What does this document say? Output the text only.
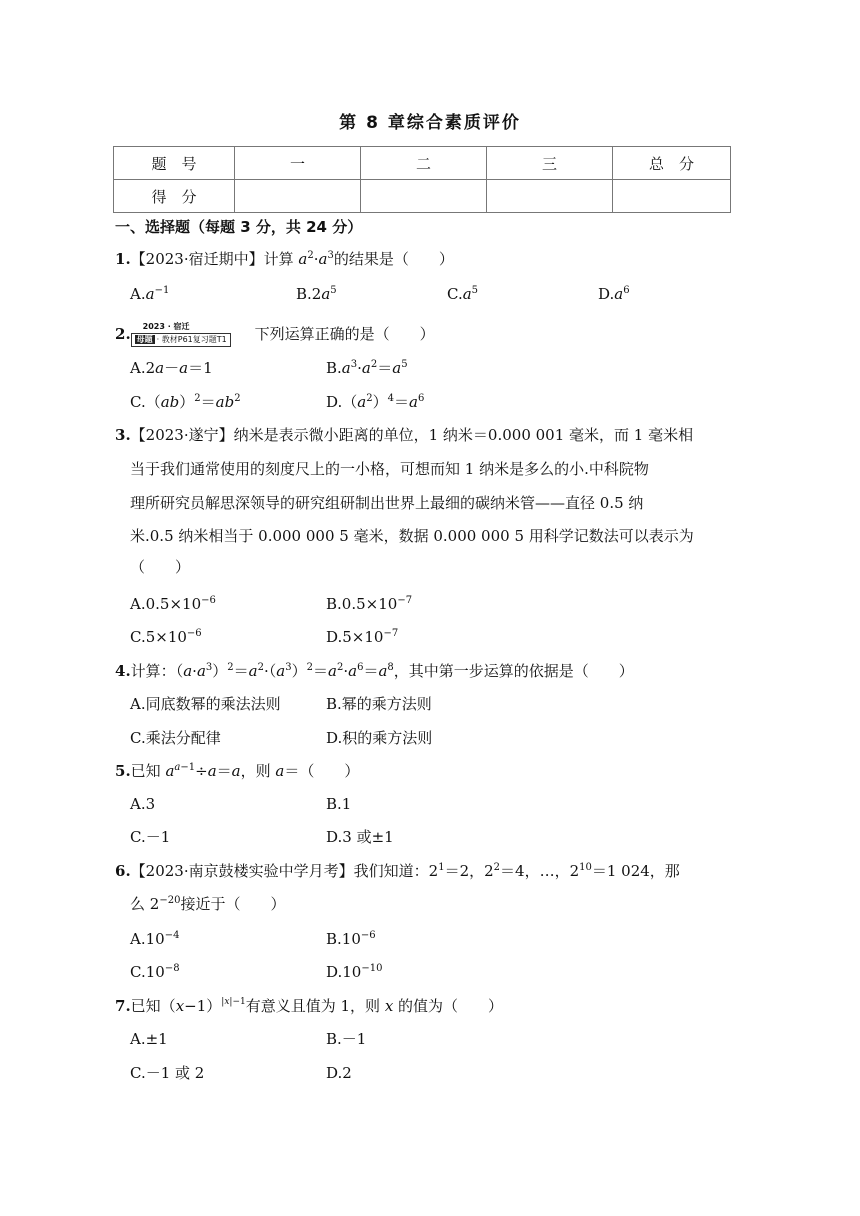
第 8 章综合素质评价
题　号	一	二	三	总　分
得　分				
一、选择题（每题 3 分，共 24 分）
1.【2023·宿迁期中】计算 $a^2\cdot a^3$的结果是（　　）
$A.a^{-1}$	$B.2a^5$	$C.a^5$	$D.a^6$
2. 2023 · 宿迁
母题 · 教材P61复习题T1 下列运算正确的是（　　）
A.2a－a＝1	$B.a^3\cdot a^2=a^5$
$C.(ab)^2=ab^2$	$D.(a^2)^4=a^6$
3.【2023·遂宁】纳米是表示微小距离的单位，1 纳米＝0.000 001 毫米，而 1 毫米相
当于我们通常使用的刻度尺上的一小格，可想而知 1 纳米是多么的小.中科院物
理所研究员解思深领导的研究组研制出世界上最细的碳纳米管——直径 0.5 纳
米.0.5 纳米相当于 0.000 000 5 毫米，数据 0.000 000 5 用科学记数法可以表示为
（　　）
$A.0.5\times 10^{-6}$	$B.0.5\times 10^{-7}$
$C.5\times 10^{-6}$	$D.5\times 10^{-7}$
4.计算：$(a\cdot a^3)^2=a^2\cdot(a^3)^2=a^2\cdot a^6=a^8$，其中第一步运算的依据是（　　）
A.同底数幂的乘法法则	B.幂的乘方法则
C.乘法分配律	D.积的乘方法则
5.已知 $a^{a-1}\div a=a$，则 a＝（　　）
A.3	B.1
C.－1	D.3 或±1
6.【2023·南京鼓楼实验中学月考】我们知道：$2^1=2$，$2^2=4$，…，$2^{10}=1$ 024，那
么 $2^{-20}$接近于（　　）
$A.10^{-4}$	$B.10^{-6}$
$C.10^{-8}$	$D.10^{-10}$
7.已知$(x-1)^{|x|-1}$有意义且值为 1，则 x 的值为（　　）
A.±1	B.－1
C.－1 或 2	D.2
